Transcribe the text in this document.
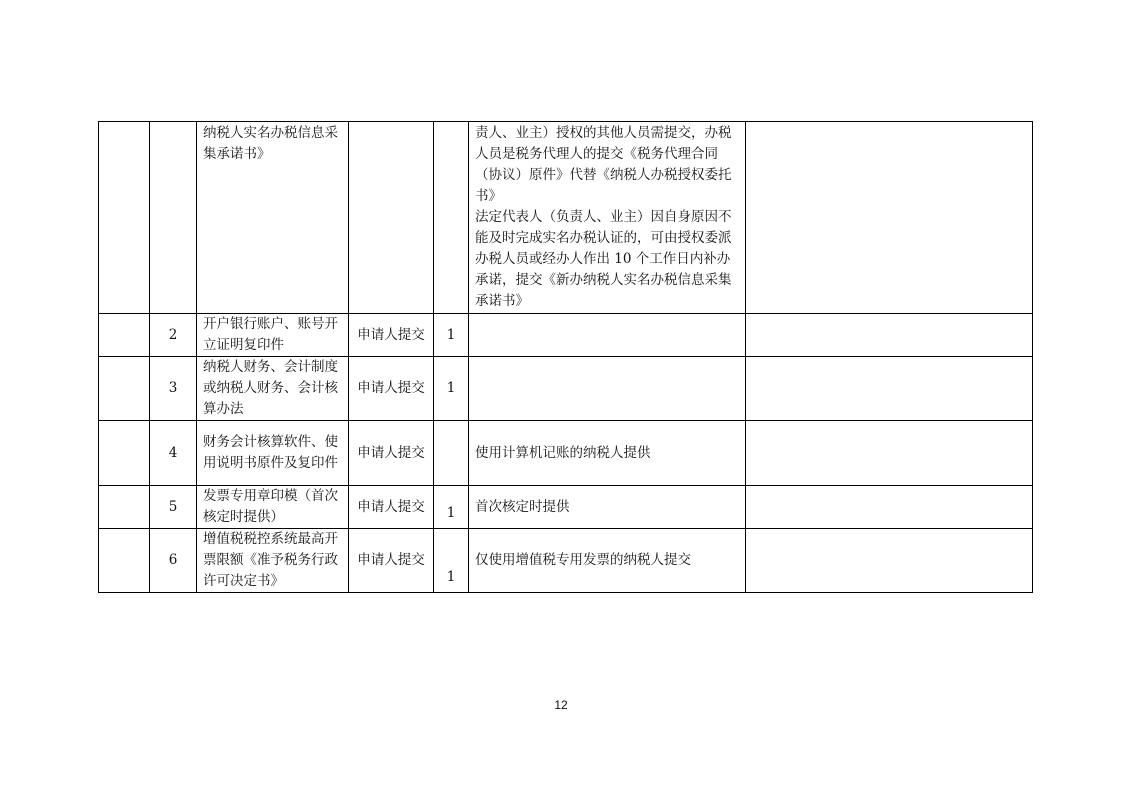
		纳税人实名办税信息采集承诺书》			责人、业主）授权的其他人员需提交，办税人员是税务代理人的提交《税务代理合同（协议）原件》代替《纳税人办税授权委托书》
法定代表人（负责人、业主）因自身原因不能及时完成实名办税认证的，可由授权委派办税人员或经办人作出 10 个工作日内补办承诺，提交《新办纳税人实名办税信息采集承诺书》	

	2	开户银行账户、账号开立证明复印件	申请人提交	1		
	3	纳税人财务、会计制度或纳税人财务、会计核算办法	申请人提交	1		
	4	财务会计核算软件、使用说明书原件及复印件	申请人提交		使用计算机记账的纳税人提供	
	5	发票专用章印模（首次核定时提供）	申请人提交	1	首次核定时提供	
	6	增值税税控系统最高开票限额《准予税务行政许可决定书》	申请人提交	1	仅使用增值税专用发票的纳税人提交	
12
